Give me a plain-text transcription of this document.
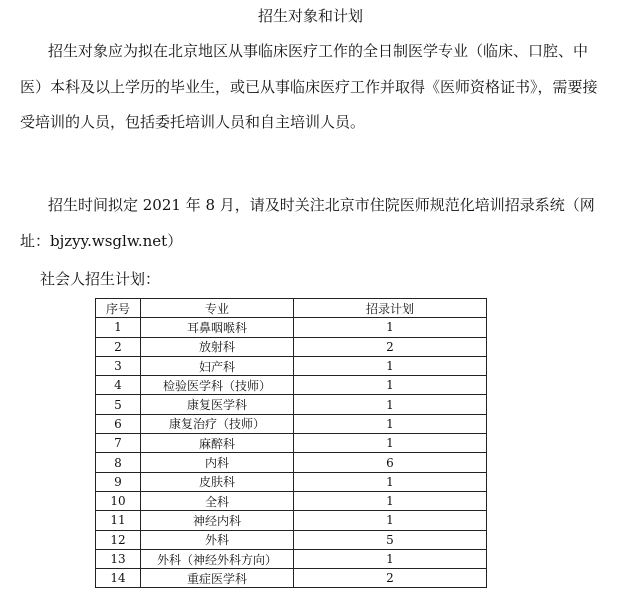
招生对象和计划

招生对象应为拟在北京地区从事临床医疗工作的全日制医学专业（临床、口腔、中医）本科及以上学历的毕业生，或已从事临床医疗工作并取得《医师资格证书》，需要接受培训的人员，包括委托培训人员和自主培训人员。

招生时间拟定 2021 年 8 月，请及时关注北京市住院医师规范化培训招录系统（网址：bjzyy.wsglw.net）

社会人招生计划：
序号	专业	招录计划
1	耳鼻咽喉科	1
2	放射科	2
3	妇产科	1
4	检验医学科（技师）	1
5	康复医学科	1
6	康复治疗（技师）	1
7	麻醉科	1
8	内科	6
9	皮肤科	1
10	全科	1
11	神经内科	1
12	外科	5
13	外科（神经外科方向）	1
14	重症医学科	2
